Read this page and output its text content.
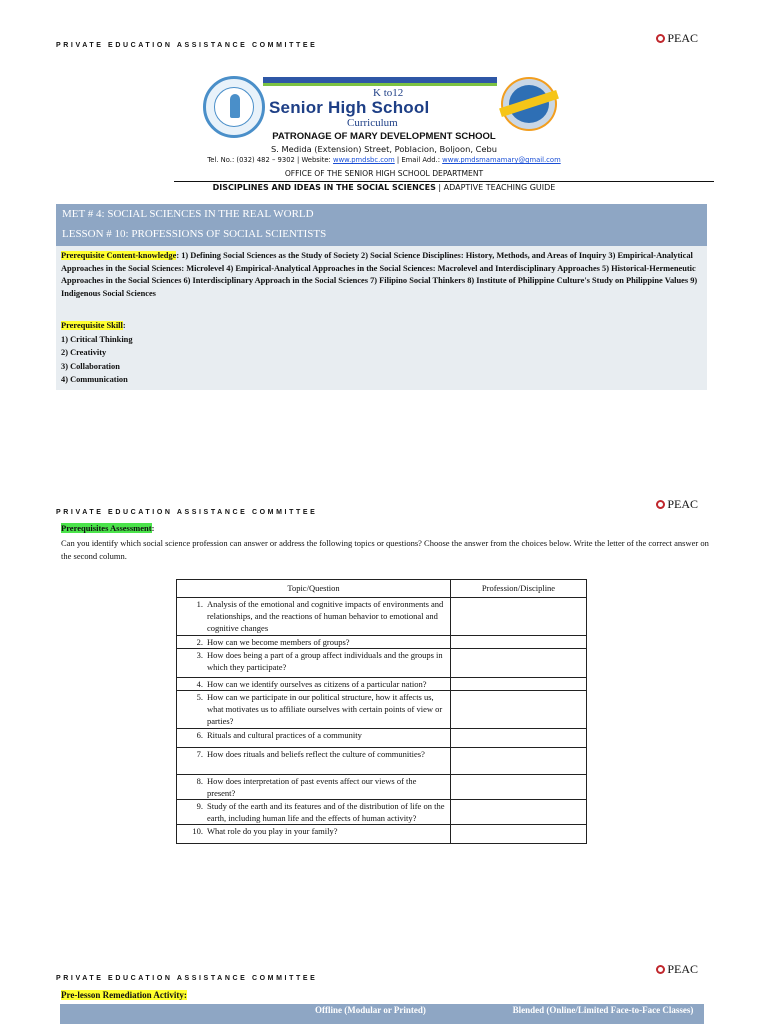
PRIVATE EDUCATION ASSISTANCE COMMITTEE
PEAC
K to12
Senior High School
Curriculum
PATRONAGE OF MARY DEVELOPMENT SCHOOL
S. Medida (Extension) Street, Poblacion, Boljoon, Cebu
Tel. No.: (032) 482 – 9302 | Website: www.pmdsbc.com | Email Add.: www.pmdsmamamary@gmail.com
OFFICE OF THE SENIOR HIGH SCHOOL DEPARTMENT
DISCIPLINES AND IDEAS IN THE SOCIAL SCIENCES | ADAPTIVE TEACHING GUIDE
MET # 4: SOCIAL SCIENCES IN THE REAL WORLD
LESSON # 10: PROFESSIONS OF SOCIAL SCIENTISTS
Prerequisite Content-knowledge: 1) Defining Social Sciences as the Study of Society 2) Social Science Disciplines: History, Methods, and Areas of Inquiry 3) Empirical-Analytical Approaches in the Social Sciences: Microlevel 4) Empirical-Analytical Approaches in the Social Sciences: Macrolevel and Interdisciplinary Approaches 5) Historical-Hermeneutic Approaches in the Social Sciences 6) Interdisciplinary Approach in the Social Sciences 7) Filipino Social Thinkers 8) Institute of Philippine Culture's Study on Philippine Values 9) Indigenous Social Sciences
Prerequisite Skill:
1) Critical Thinking
2) Creativity
3) Collaboration
4) Communication
PRIVATE EDUCATION ASSISTANCE COMMITTEE
PEAC
Prerequisites Assessment:
Can you identify which social science profession can answer or address the following topics or questions? Choose the answer from the choices below. Write the letter of the correct answer on the second column.
Topic/Question	Profession/Discipline

1. Analysis of the emotional and cognitive impacts of environments and relationships, and the reactions of human behavior to emotional and cognitive changes	

2. How can we become members of groups?	

3. How does being a part of a group affect individuals and the groups in which they participate?	

4. How can we identify ourselves as citizens of a particular nation?	

5. How can we participate in our political structure, how it affects us, what motivates us to affiliate ourselves with certain points of view or parties?	

6. Rituals and cultural practices of a community	

7. How does rituals and beliefs reflect the culture of communities?	

8. How does interpretation of past events affect our views of the present?	

9. Study of the earth and its features and of the distribution of life on the earth, including human life and the effects of human activity?	

10. What role do you play in your family?	

PRIVATE EDUCATION ASSISTANCE COMMITTEE
PEAC
Pre-lesson Remediation Activity:
Offline (Modular or Printed)	Blended (Online/Limited Face-to-Face Classes)
